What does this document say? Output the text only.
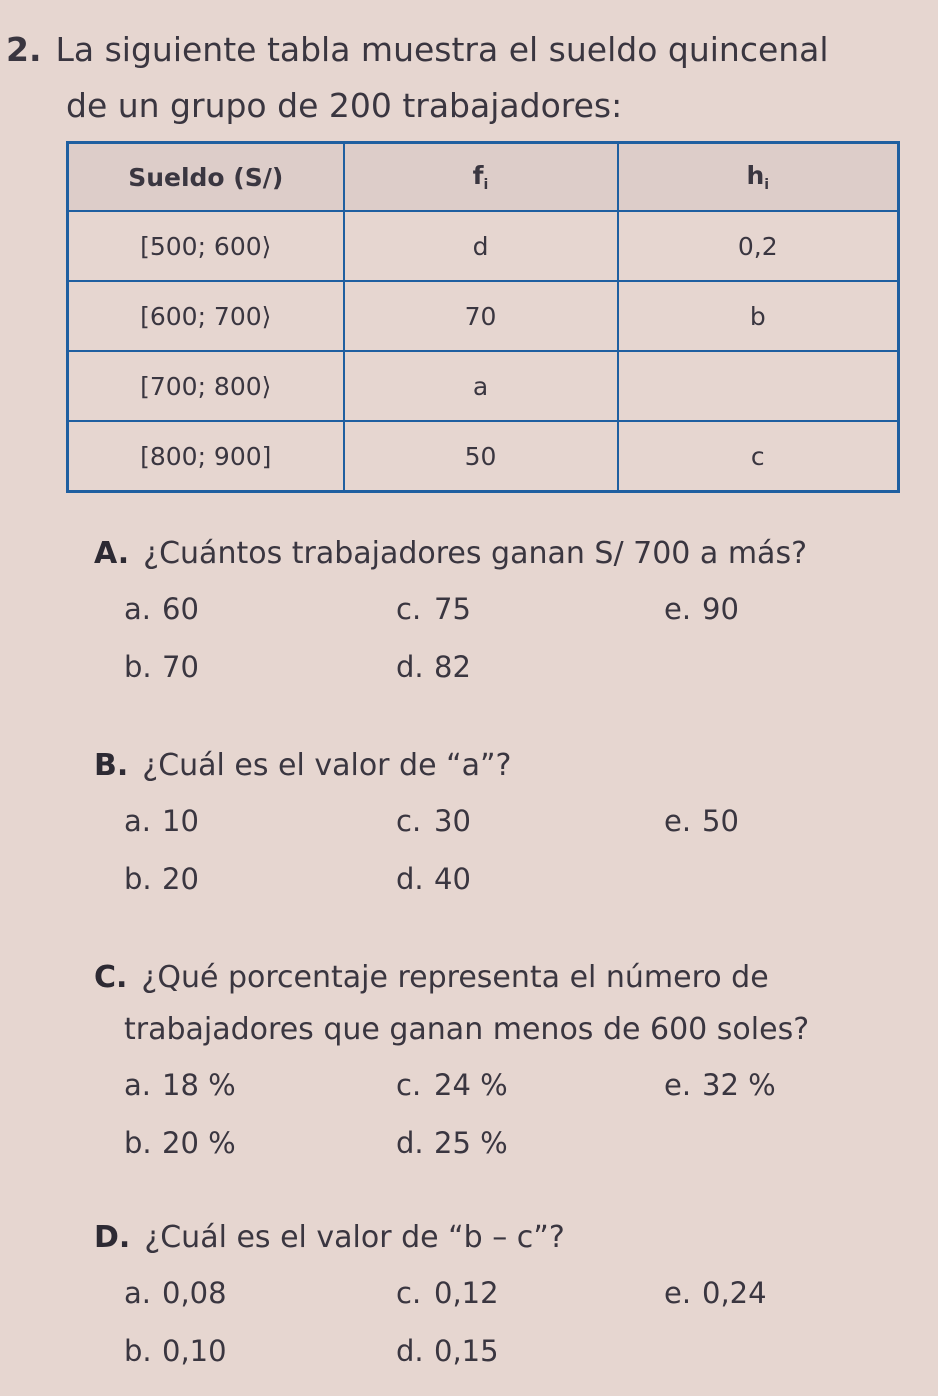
2. La siguiente tabla muestra el sueldo quincenal
de un grupo de 200 trabajadores:
Sueldo (S/)	$f_i$	$h_i$
[500; 600⟩	d	0,2
[600; 700⟩	70	b
[700; 800⟩	a	
[800; 900]	50	c
A. ¿Cuántos trabajadores ganan S/ 700 a más?
a. 60	c. 75	e. 90
b. 70	d. 82
B. ¿Cuál es el valor de “a”?
a. 10	c. 30	e. 50
b. 20	d. 40
C. ¿Qué porcentaje representa el número de
trabajadores que ganan menos de 600 soles?
a. 18 %	c. 24 %	e. 32 %
b. 20 %	d. 25 %
D. ¿Cuál es el valor de “b – c”?
a. 0,08	c. 0,12	e. 0,24
b. 0,10	d. 0,15
